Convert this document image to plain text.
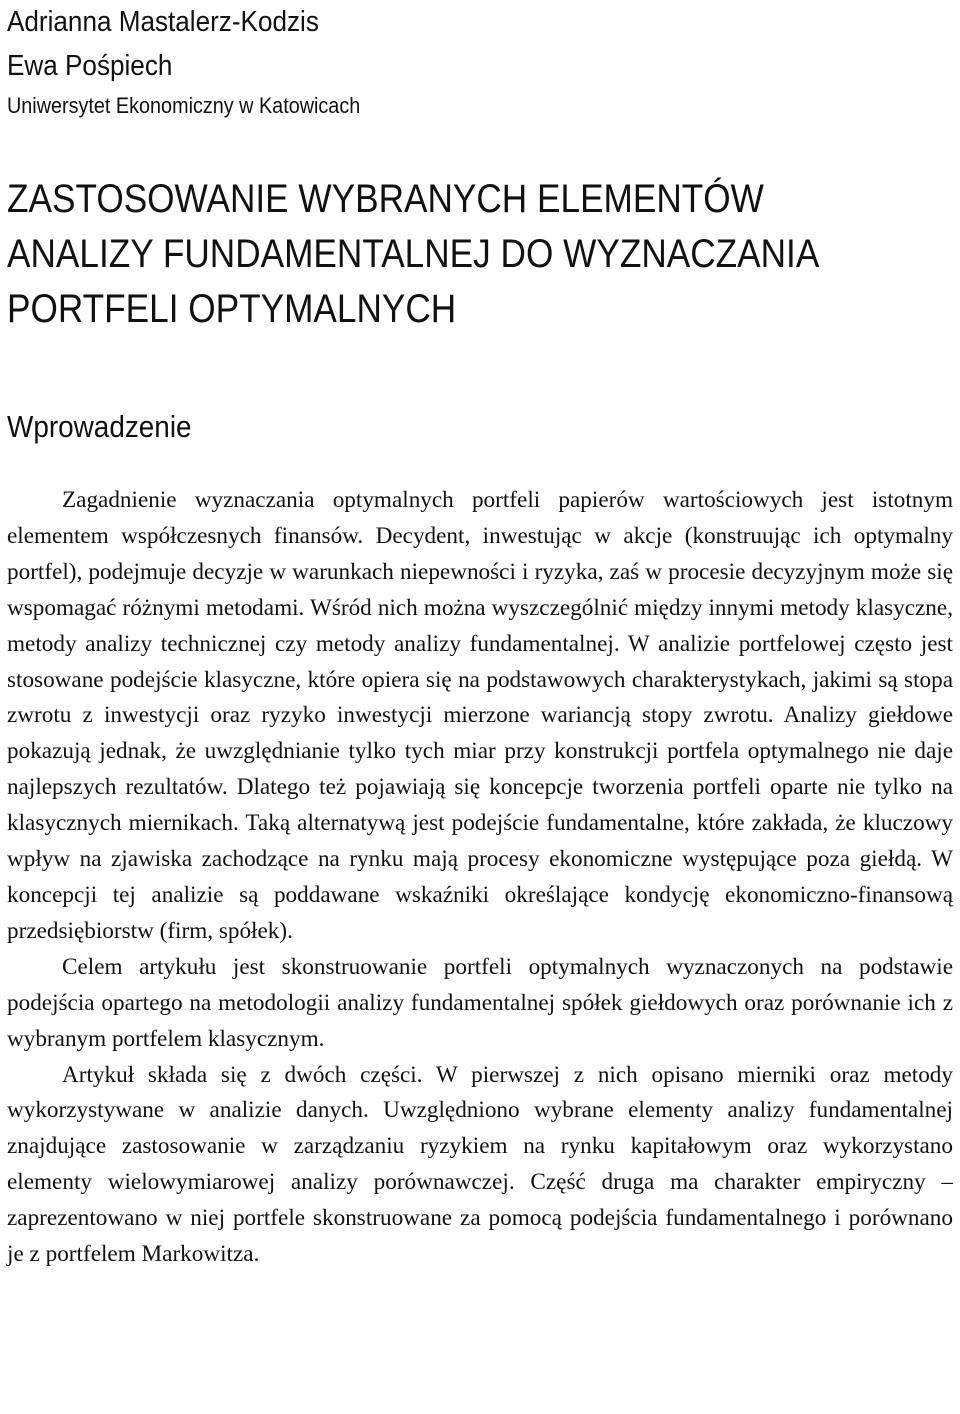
Adrianna Mastalerz-Kodzis
Ewa Pośpiech
Uniwersytet Ekonomiczny w Katowicach
ZASTOSOWANIE WYBRANYCH ELEMENTÓW
ANALIZY FUNDAMENTALNEJ DO WYZNACZANIA
PORTFELI OPTYMALNYCH
Wprowadzenie

Zagadnienie wyznaczania optymalnych portfeli papierów wartościowych jest istotnym elementem współczesnych finansów. Decydent, inwestując w akcje (konstruując ich optymalny portfel), podejmuje decyzje w warunkach niepewności i ryzyka, zaś w procesie decyzyjnym może się wspomagać różnymi metodami. Wśród nich można wyszczególnić między innymi metody klasyczne, metody analizy technicznej czy metody analizy fundamentalnej. W analizie portfelowej często jest stosowane podejście klasyczne, które opiera się na podstawowych charakterystykach, jakimi są stopa zwrotu z inwestycji oraz ryzyko inwestycji mierzone wariancją stopy zwrotu. Analizy giełdowe pokazują jednak, że uwzględnianie tylko tych miar przy konstrukcji portfela optymalnego nie daje najlepszych rezultatów. Dlatego też pojawiają się koncepcje tworzenia portfeli oparte nie tylko na klasycznych miernikach. Taką alternatywą jest podejście fundamentalne, które zakłada, że kluczowy wpływ na zjawiska zachodzące na rynku mają procesy ekonomiczne występujące poza giełdą. W koncepcji tej analizie są poddawane wskaźniki określające kondycję ekonomiczno-finansową przedsiębiorstw (firm, spółek).

Celem artykułu jest skonstruowanie portfeli optymalnych wyznaczonych na podstawie podejścia opartego na metodologii analizy fundamentalnej spółek giełdowych oraz porównanie ich z wybranym portfelem klasycznym.

Artykuł składa się z dwóch części. W pierwszej z nich opisano mierniki oraz metody wykorzystywane w analizie danych. Uwzględniono wybrane elementy analizy fundamentalnej znajdujące zastosowanie w zarządzaniu ryzykiem na rynku kapitałowym oraz wykorzystano elementy wielowymiarowej analizy porównawczej. Część druga ma charakter empiryczny – zaprezentowano w niej portfele skonstruowane za pomocą podejścia fundamentalnego i porównano je z portfelem Markowitza.
